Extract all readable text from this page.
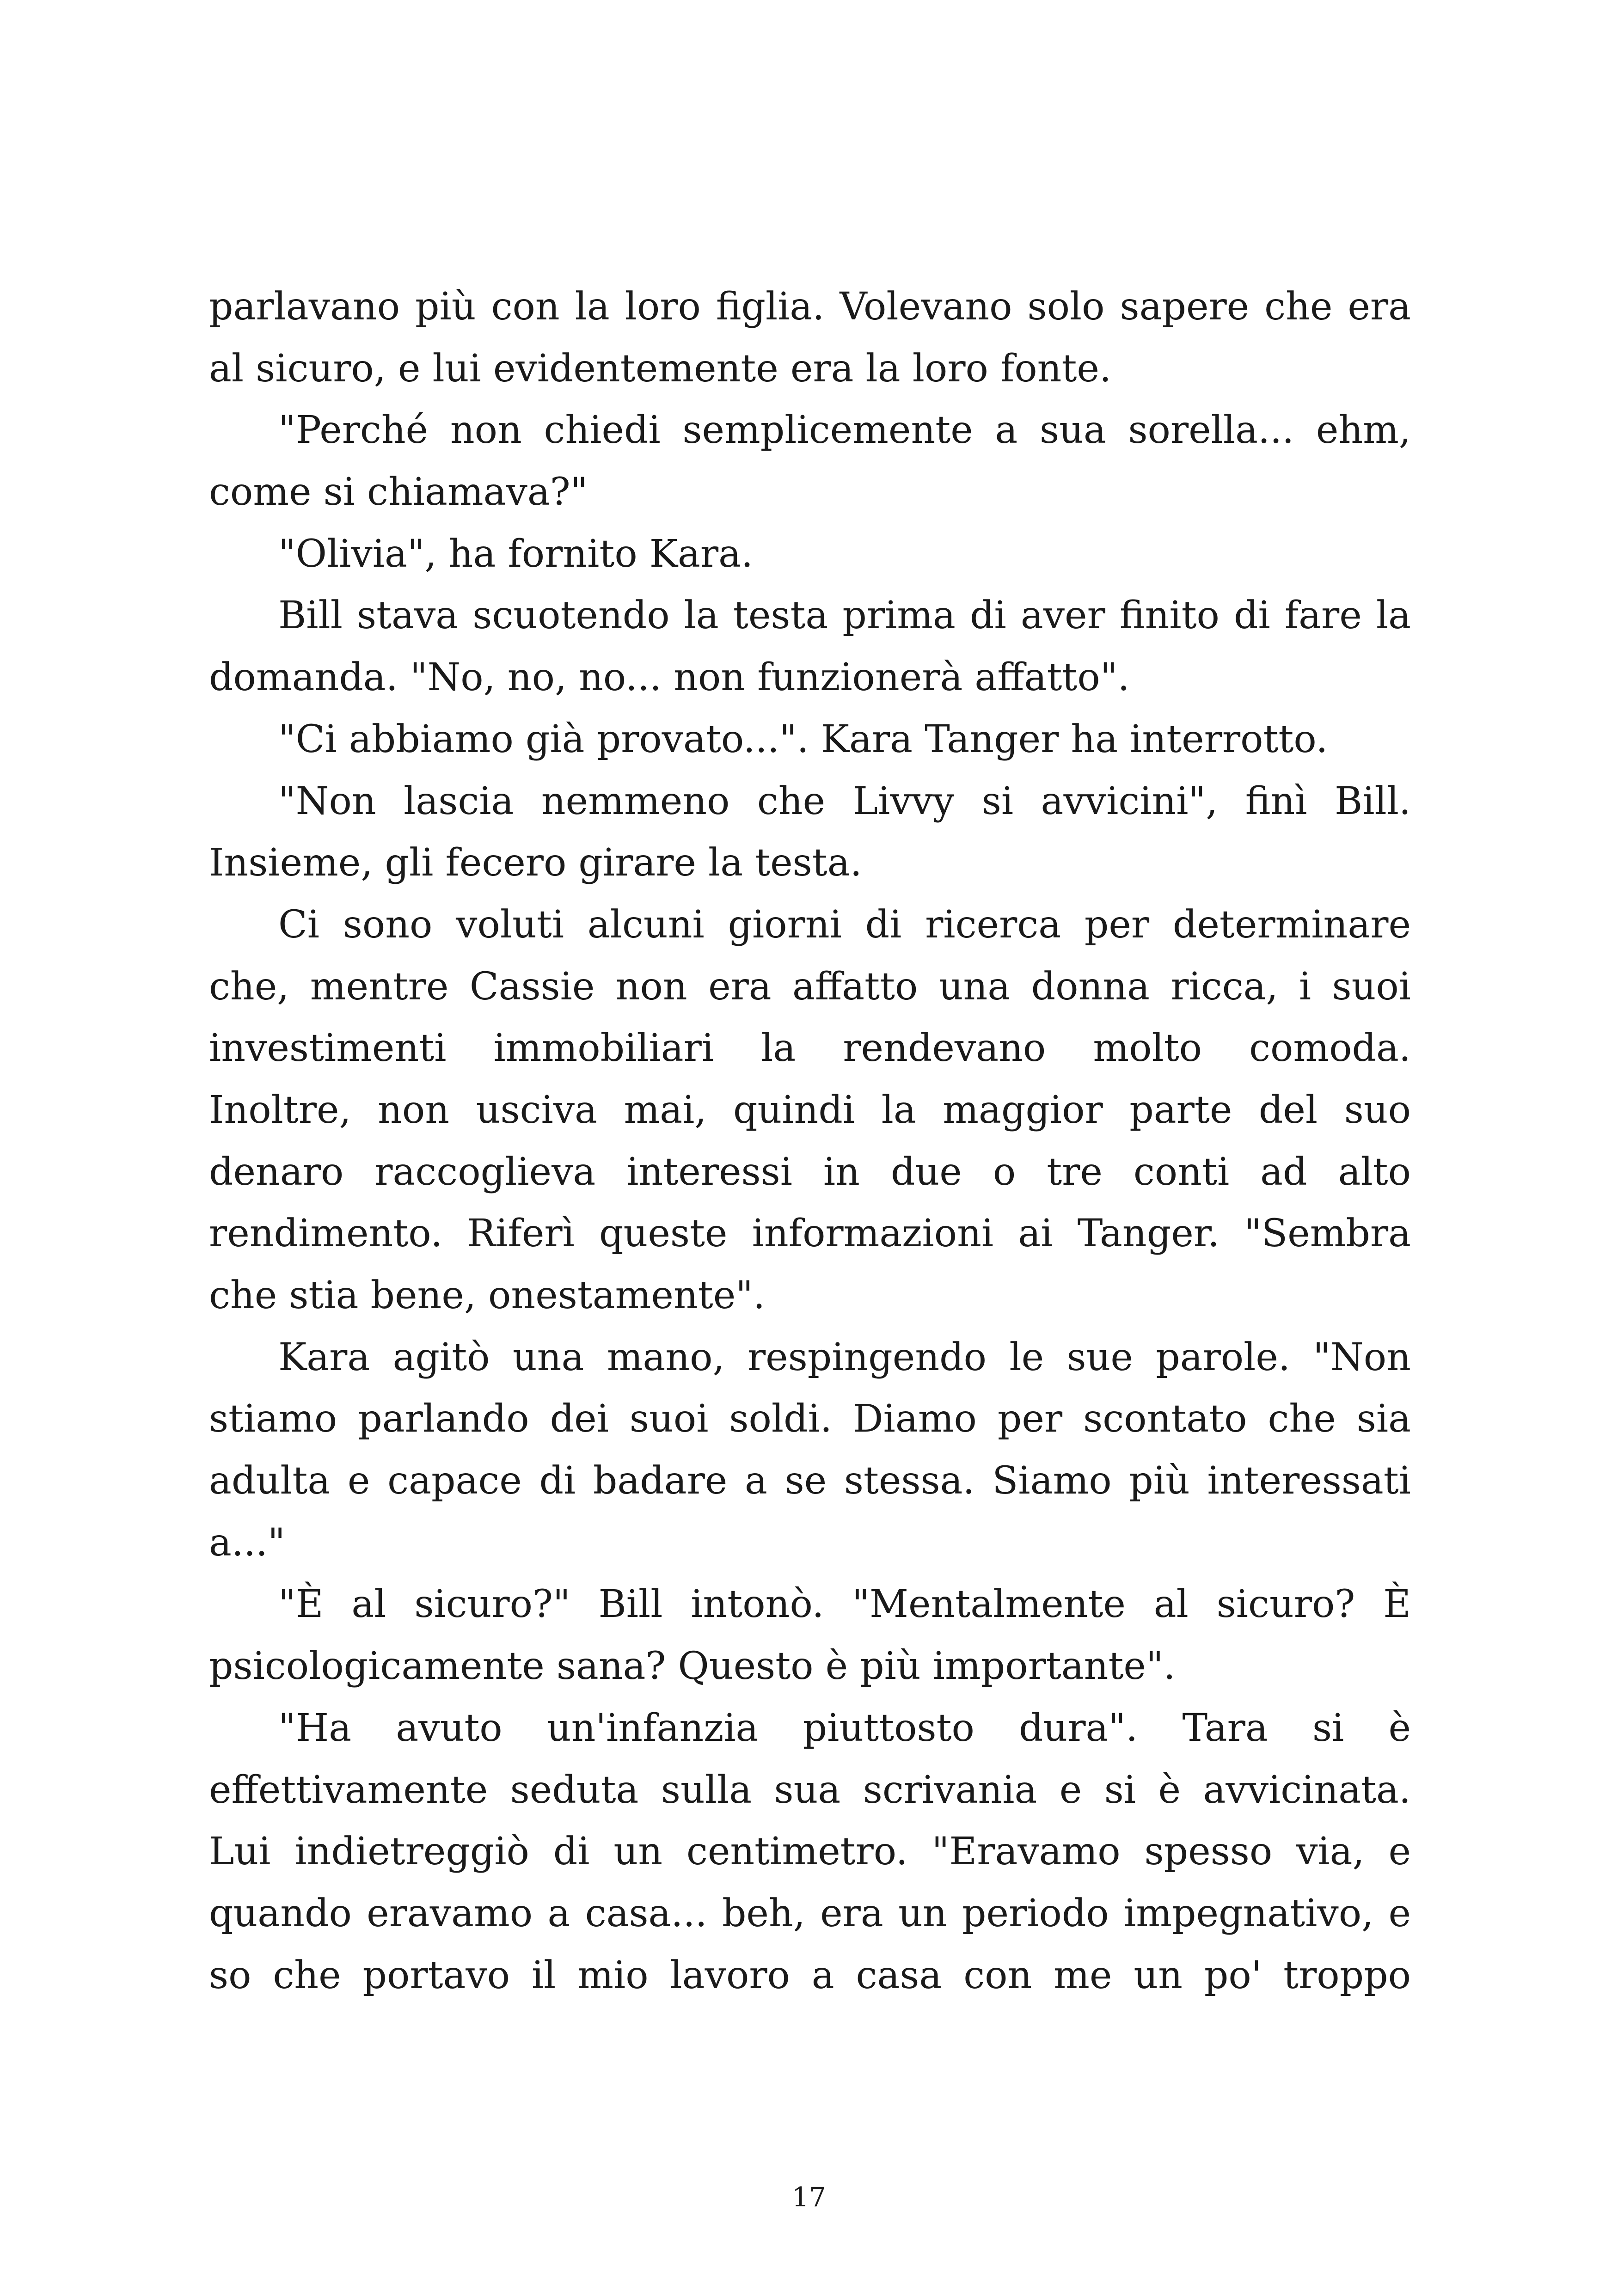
parlavano più con la loro figlia. Volevano solo sapere che era
al sicuro, e lui evidentemente era la loro fonte.
"Perché non chiedi semplicemente a sua sorella... ehm,
come si chiamava?"
"Olivia", ha fornito Kara.
Bill stava scuotendo la testa prima di aver finito di fare la
domanda. "No, no, no... non funzionerà affatto".
"Ci abbiamo già provato...". Kara Tanger ha interrotto.
"Non lascia nemmeno che Livvy si avvicini", finì Bill.
Insieme, gli fecero girare la testa.
Ci sono voluti alcuni giorni di ricerca per determinare
che, mentre Cassie non era affatto una donna ricca, i suoi
investimenti immobiliari la rendevano molto comoda.
Inoltre, non usciva mai, quindi la maggior parte del suo
denaro raccoglieva interessi in due o tre conti ad alto
rendimento. Riferì queste informazioni ai Tanger. "Sembra
che stia bene, onestamente".
Kara agitò una mano, respingendo le sue parole. "Non
stiamo parlando dei suoi soldi. Diamo per scontato che sia
adulta e capace di badare a se stessa. Siamo più interessati
a..."
"È al sicuro?" Bill intonò. "Mentalmente al sicuro? È
psicologicamente sana? Questo è più importante".
"Ha avuto un'infanzia piuttosto dura". Tara si è
effettivamente seduta sulla sua scrivania e si è avvicinata.
Lui indietreggiò di un centimetro. "Eravamo spesso via, e
quando eravamo a casa... beh, era un periodo impegnativo, e
so che portavo il mio lavoro a casa con me un po' troppo
17
